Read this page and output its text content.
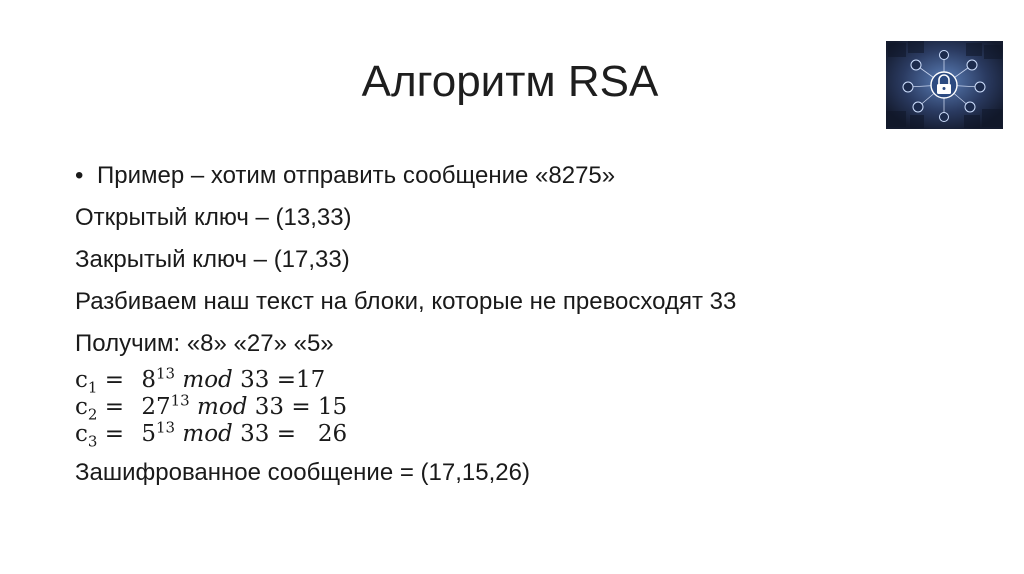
Алгоритм RSA
• Пример – хотим отправить сообщение «8275»
Открытый ключ – (13,33)
Закрытый ключ – (17,33)
Разбиваем наш текст на блоки, которые не превосходят 33
Получим: «8» «27» «5»
$c_1 = 8^{13}$ mod 33 =17
$c_2 = 27^{13}$ mod 33 = 15
$c_3 = 5^{13}$ mod 33 = 26
Зашифрованное сообщение = (17,15,26)
